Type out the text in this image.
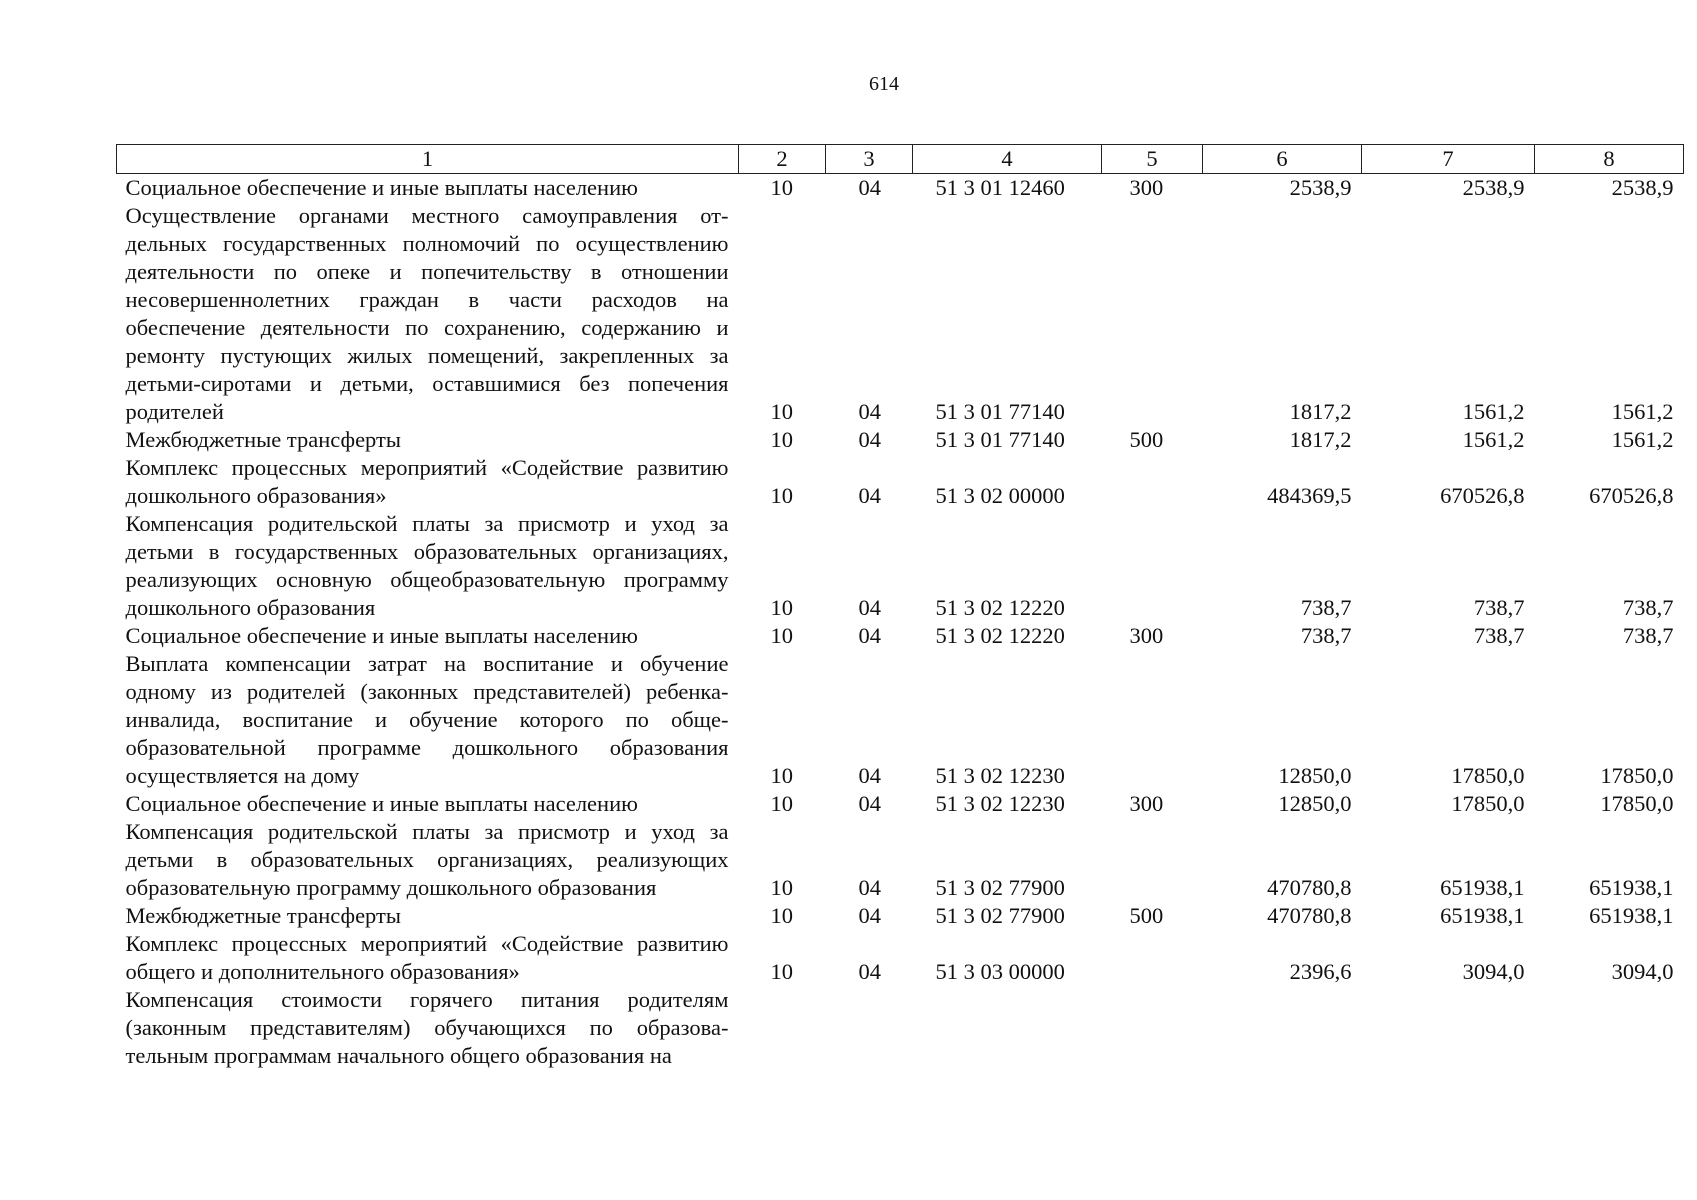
614
1	2	3	4	5	6	7	8
Социальное обеспечение и иные выплаты населению	10	04	51 3 01 12460	300	2538,9	2538,9	2538,9
Осуществление органами местного самоуправления отдельных государственных полномочий по осуществлению деятельности по опеке и попечительству в отношении несовершеннолетних граждан в части расходов на обеспечение деятельности по сохранению, содержанию и ремонту пустующих жилых помещений, закрепленных за детьми-сиротами и детьми, оставшимися без попечения родителей	10	04	51 3 01 77140		1817,2	1561,2	1561,2
Межбюджетные трансферты	10	04	51 3 01 77140	500	1817,2	1561,2	1561,2
Комплекс процессных мероприятий «Содействие развитию дошкольного образования»	10	04	51 3 02 00000		484369,5	670526,8	670526,8
Компенсация родительской платы за присмотр и уход за детьми в государственных образовательных организациях, реализующих основную общеобразовательную программу дошкольного образования	10	04	51 3 02 12220		738,7	738,7	738,7
Социальное обеспечение и иные выплаты населению	10	04	51 3 02 12220	300	738,7	738,7	738,7
Выплата компенсации затрат на воспитание и обучение одному из родителей (законных представителей) ребенка-инвалида, воспитание и обучение которого по общеобразовательной программе дошкольного образования осуществляется на дому	10	04	51 3 02 12230		12850,0	17850,0	17850,0
Социальное обеспечение и иные выплаты населению	10	04	51 3 02 12230	300	12850,0	17850,0	17850,0
Компенсация родительской платы за присмотр и уход за детьми в образовательных организациях, реализующих образовательную программу дошкольного образования	10	04	51 3 02 77900		470780,8	651938,1	651938,1
Межбюджетные трансферты	10	04	51 3 02 77900	500	470780,8	651938,1	651938,1
Комплекс процессных мероприятий «Содействие развитию общего и дополнительного образования»	10	04	51 3 03 00000		2396,6	3094,0	3094,0
Компенсация стоимости горячего питания родителям (законным представителям) обучающихся по образовательным программам начального общего образования на							
